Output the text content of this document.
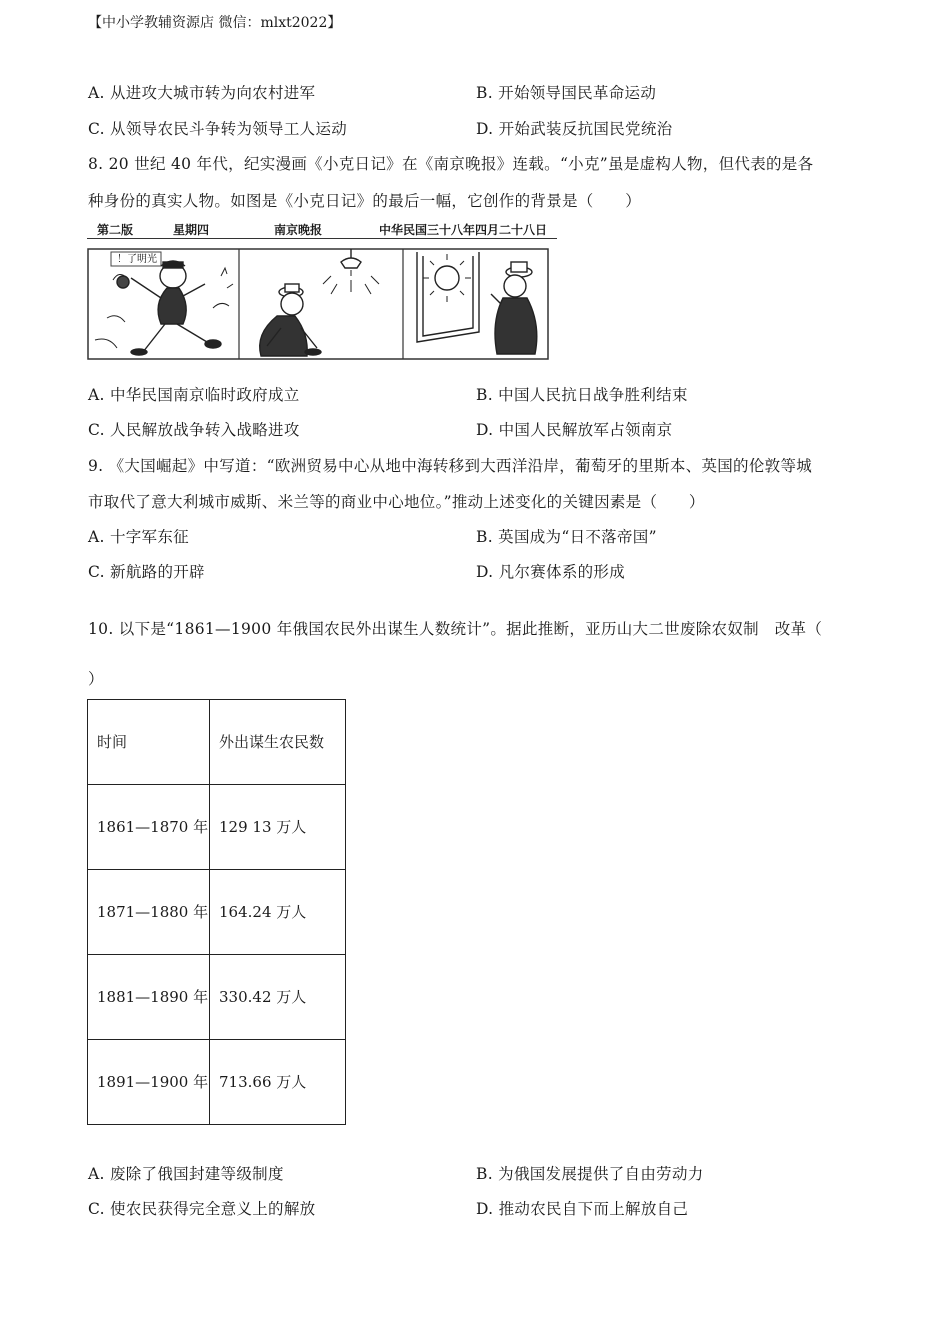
【中小学教辅资源店 微信：mlxt2022】
A. 从进攻大城市转为向农村进军	B. 开始领导国民革命运动
C. 从领导农民斗争转为领导工人运动	D. 开始武装反抗国民党统治
8. 20 世纪 40 年代，纪实漫画《小克日记》在《南京晚报》连载。“小克”虽是虚构人物，但代表的是各
种身份的真实人物。如图是《小克日记》的最后一幅，它创作的背景是（　　）
第二版	星期四	南京晚报	中华民国三十八年四月二十八日
！了明光
A. 中华民国南京临时政府成立	B. 中国人民抗日战争胜利结束
C. 人民解放战争转入战略进攻	D. 中国人民解放军占领南京
9. 《大国崛起》中写道：“欧洲贸易中心从地中海转移到大西洋沿岸，葡萄牙的里斯本、英国的伦敦等城
市取代了意大利城市威斯、米兰等的商业中心地位。”推动上述变化的关键因素是（　　）
A. 十字军东征	B. 英国成为“日不落帝国”
C. 新航路的开辟	D. 凡尔赛体系的形成
10. 以下是“1861—1900 年俄国农民外出谋生人数统计”。据此推断，亚历山大二世废除农奴制　改革（
）
时间	外出谋生农民数
1861—1870 年	129 13 万人
1871—1880 年	164.24 万人
1881—1890 年	330.42 万人
1891—1900 年	713.66 万人
A. 废除了俄国封建等级制度	B. 为俄国发展提供了自由劳动力
C. 使农民获得完全意义上的解放	D. 推动农民自下而上解放自己
